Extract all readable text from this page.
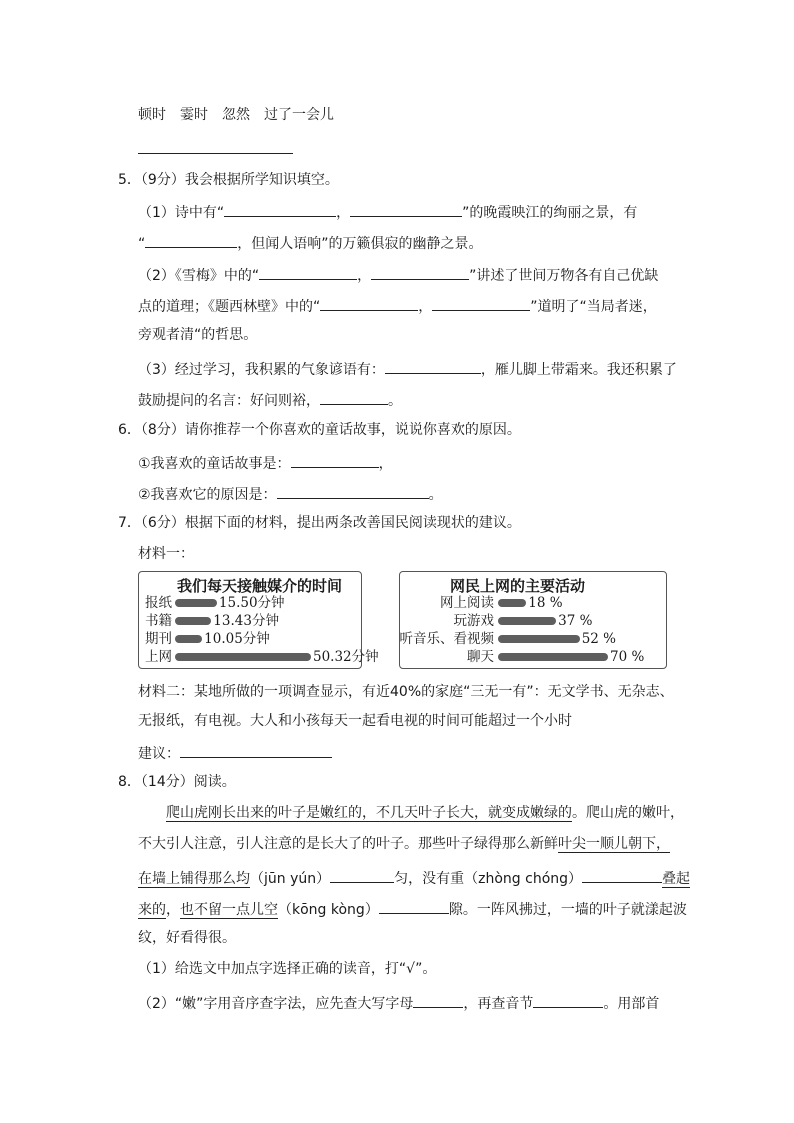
顿时　霎时　忽然　过了一会儿
5．（9分）我会根据所学知识填空。
（1）诗中有“	，	”的晚霞映江的绚丽之景，有
“	，但闻人语响”的万籁俱寂的幽静之景。
（2）《雪梅》中的“	，	”讲述了世间万物各有自己优缺
点的道理；《题西林壁》中的“	，	”道明了“当局者迷，
旁观者清“的哲思。
（3）经过学习，我积累的气象谚语有：	，雁儿脚上带霜来。我还积累了
鼓励提问的名言：好问则裕，	。
6．（8分）请你推荐一个你喜欢的童话故事，说说你喜欢的原因。
①我喜欢的童话故事是：	，
②我喜欢它的原因是：	。
7．（6分）根据下面的材料，提出两条改善国民阅读现状的建议。
材料一：
我们每天接触媒介的时间
报纸	15.50分钟
书籍	13.43分钟
期刊 10.05分钟
上网	50.32分钟
网民上网的主要活动
网上阅读	18 %
玩游戏	37 %
听音乐、看视频	52 %
聊天	70 %
材料二：某地所做的一项调查显示，有近40%的家庭“三无一有”：无文学书、无杂志、
无报纸，有电视。大人和小孩每天一起看电视的时间可能超过一个小时
建议：
8．（14分）阅读。
爬山虎刚长出来的叶子是嫩红的，不几天叶子长大，就变成嫩绿的。爬山虎的嫩叶，
不大引人注意，引人注意的是长大了的叶子。那些叶子绿得那么新鲜叶尖一顺儿朝下，
在墙上铺得那么均（jūn yún）	匀，没有重（zhòng chóng）	叠起
来的，也不留一点儿空（kōng kòng）	隙。一阵风拂过，一墙的叶子就漾起波
纹，好看得很。
（1）给选文中加点字选择正确的读音，打“√”。
（2）“嫩”字用音序查字法，应先查大写字母	，再查音节	。用部首
